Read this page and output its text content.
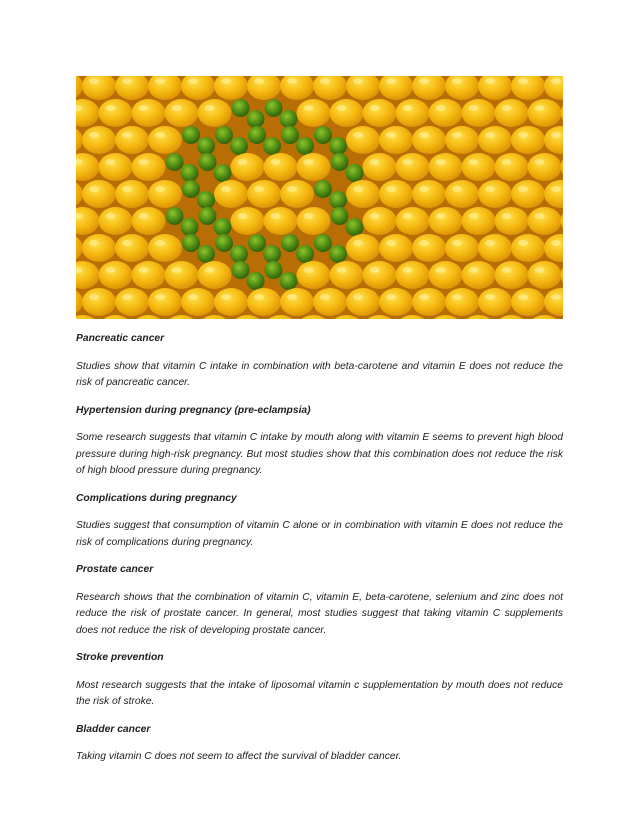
Pancreatic cancer

Studies show that vitamin C intake in combination with beta-carotene and vitamin E does not reduce the risk of pancreatic cancer.

Hypertension during pregnancy (pre-eclampsia)

Some research suggests that vitamin C intake by mouth along with vitamin E seems to prevent high blood pressure during high-risk pregnancy. But most studies show that this combination does not reduce the risk of high blood pressure during pregnancy.

Complications during pregnancy

Studies suggest that consumption of vitamin C alone or in combination with vitamin E does not reduce the risk of complications during pregnancy.

Prostate cancer

Research shows that the combination of vitamin C, vitamin E, beta-carotene, selenium and zinc does not reduce the risk of prostate cancer. In general, most studies suggest that taking vitamin C supplements does not reduce the risk of developing prostate cancer.

Stroke prevention

Most research suggests that the intake of liposomal vitamin c supplementation by mouth does not reduce the risk of stroke.

Bladder cancer

Taking vitamin C does not seem to affect the survival of bladder cancer.
